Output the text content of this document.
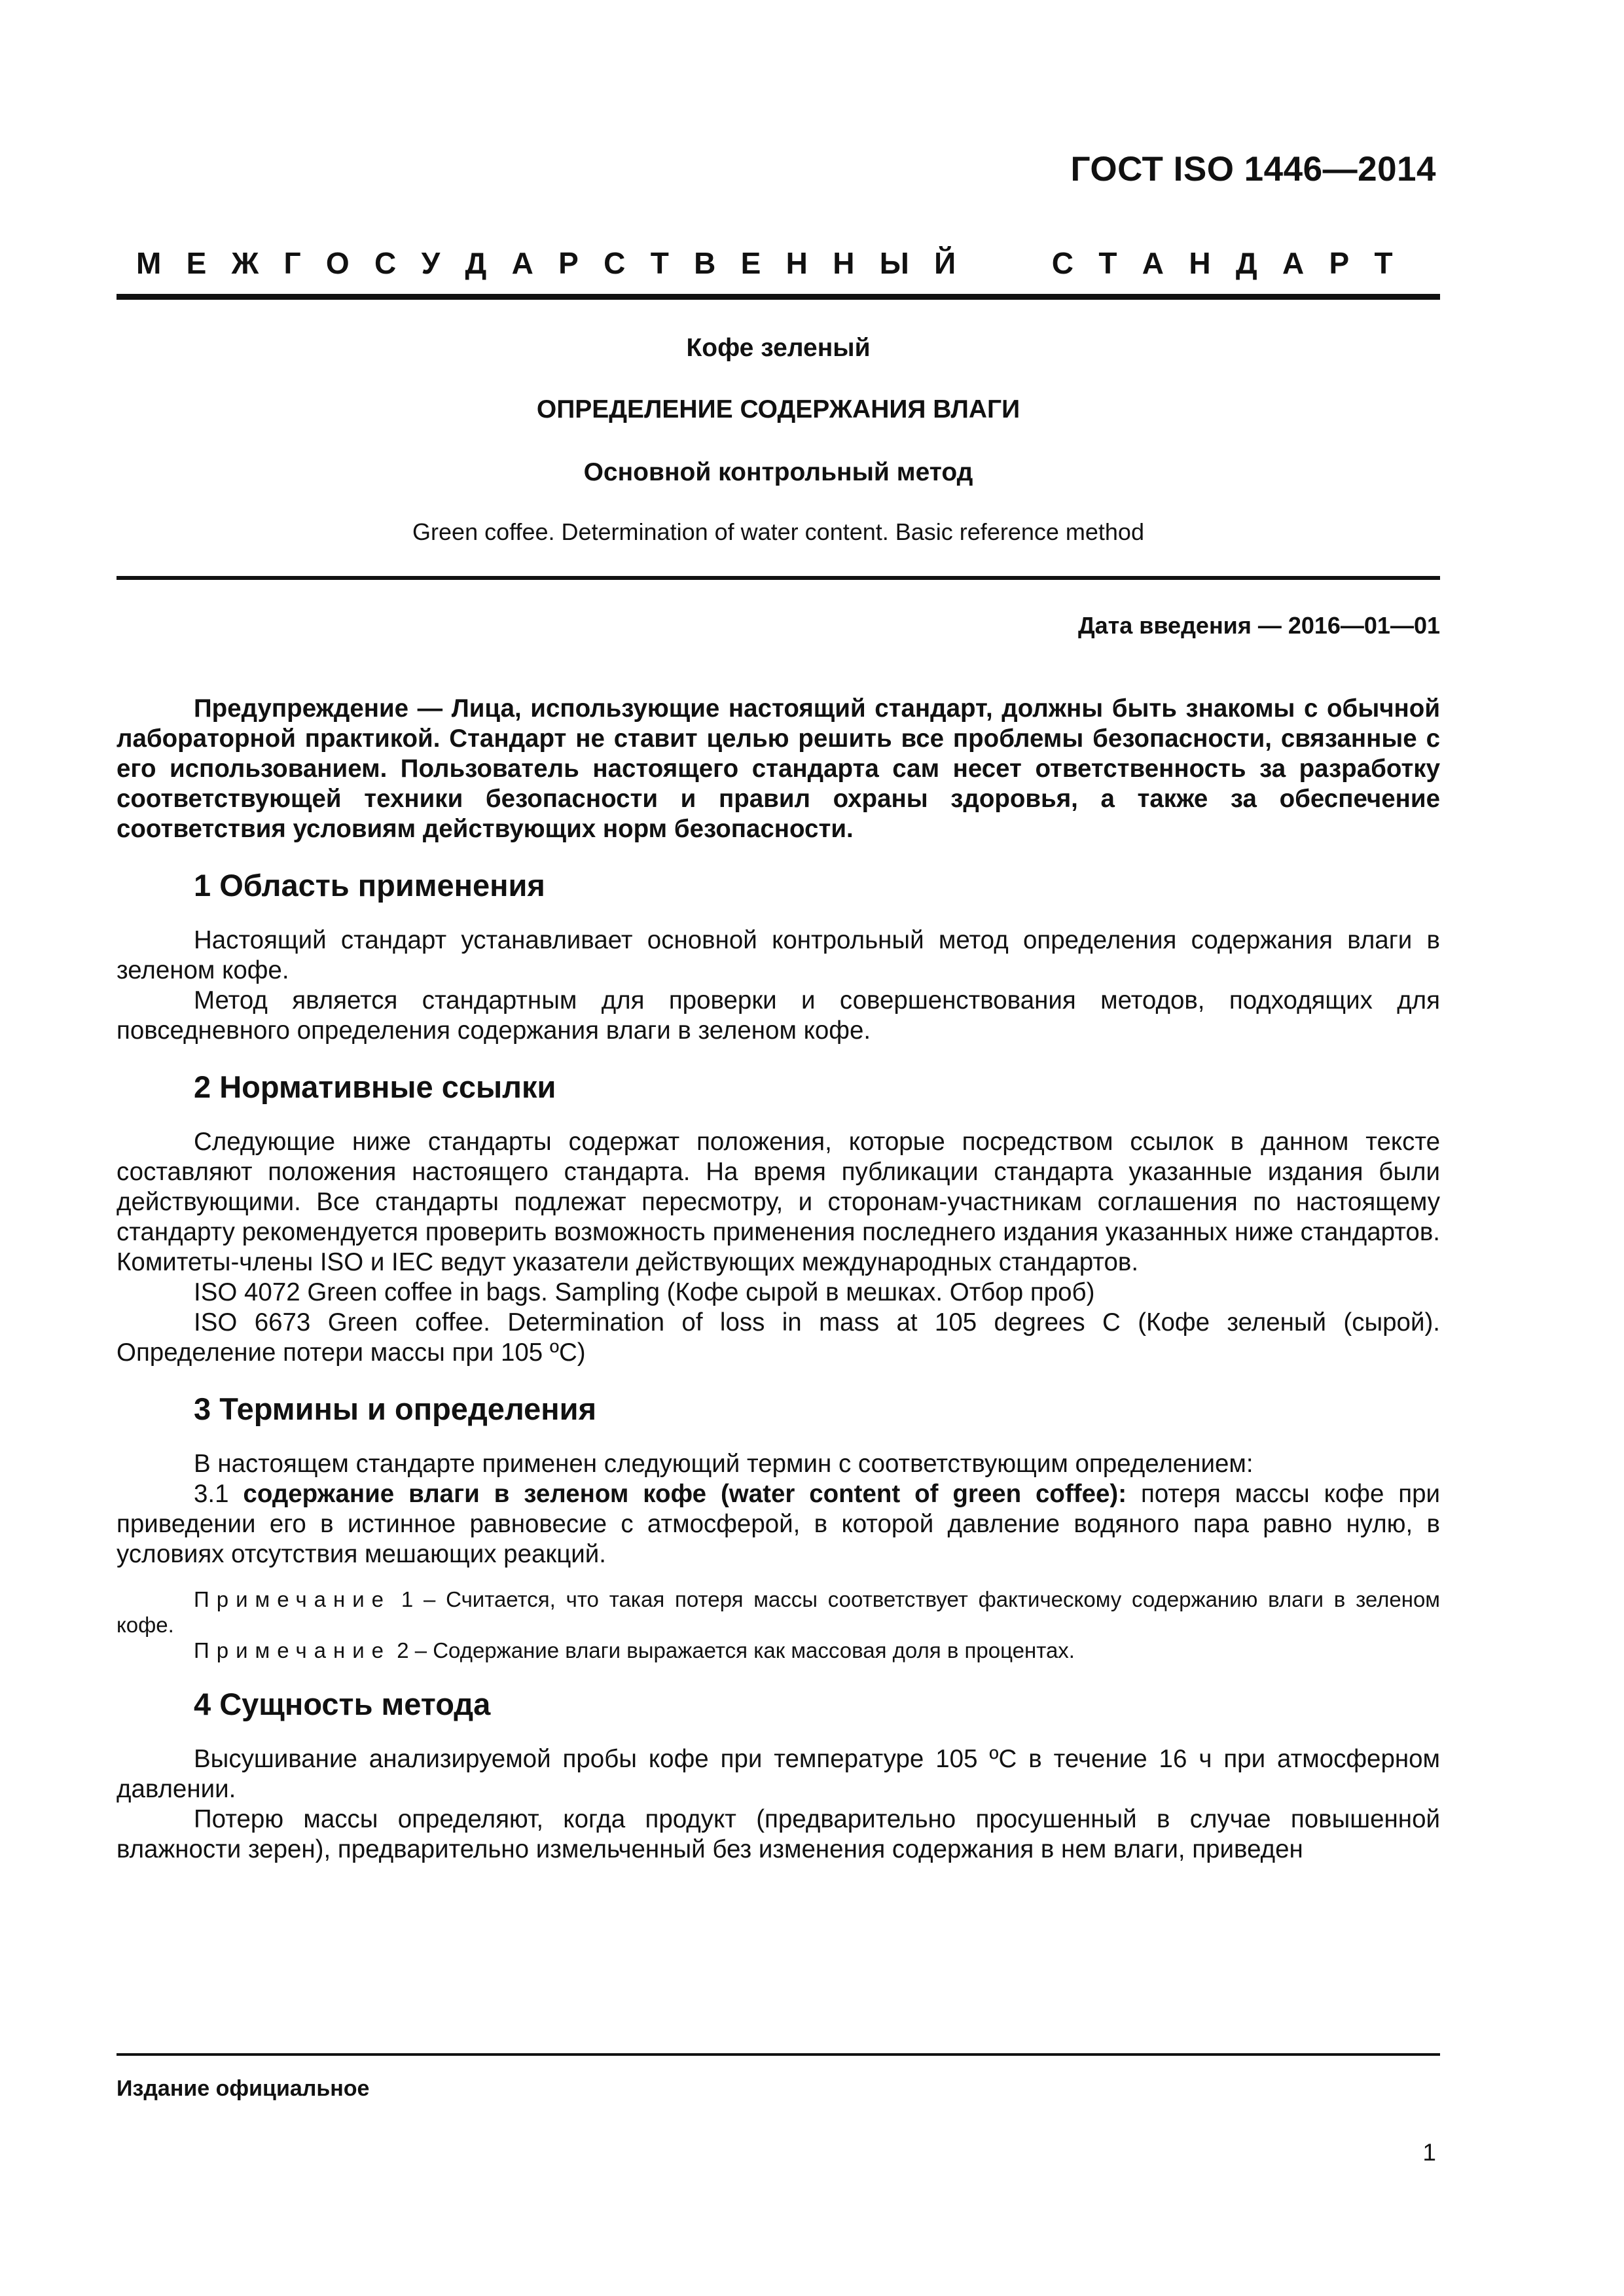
ГОСТ ISO 1446—2014
М Е Ж Г О С У Д А Р С Т В Е Н Н Ы Й	С Т А Н Д А Р Т
Кофе зеленый
ОПРЕДЕЛЕНИЕ СОДЕРЖАНИЯ ВЛАГИ
Основной контрольный метод
Green coffee. Determination of water content. Basic reference method
Дата введения — 2016—01—01

Предупреждение — Лица, использующие настоящий стандарт, должны быть знакомы с обычной лабораторной практикой. Стандарт не ставит целью решить все проблемы безопасности, связанные с его использованием. Пользователь настоящего стандарта сам несет ответственность за разработку соответствующей техники безопасности и правил охраны здоровья, а также за обеспечение соответствия условиям действующих норм безопасности.

1 Область применения

Настоящий стандарт устанавливает основной контрольный метод определения содержания влаги в зеленом кофе.

Метод является стандартным для проверки и совершенствования методов, подходящих для повседневного определения содержания влаги в зеленом кофе.

2 Нормативные ссылки

Следующие ниже стандарты содержат положения, которые посредством ссылок в данном тексте составляют положения настоящего стандарта. На время публикации стандарта указанные издания были действующими. Все стандарты подлежат пересмотру, и сторонам-участникам соглашения по настоящему стандарту рекомендуется проверить возможность применения последнего издания указанных ниже стандартов. Комитеты-члены ISO и IEC ведут указатели действующих международных стандартов.

ISO 4072 Green coffee in bags. Sampling (Кофе сырой в мешках. Отбор проб)

ISO 6673 Green coffee. Determination of loss in mass at 105 degrees C (Кофе зеленый (сырой). Определение потери массы при 105 ºC)

3 Термины и определения

В настоящем стандарте применен следующий термин с соответствующим определением:

3.1 содержание влаги в зеленом кофе (water content of green coffee): потеря массы кофе при приведении его в истинное равновесие с атмосферой, в которой давление водяного пара равно нулю, в условиях отсутствия мешающих реакций.

Примечание 1 – Считается, что такая потеря массы соответствует фактическому содержанию влаги в зеленом кофе.

Примечание 2 – Содержание влаги выражается как массовая доля в процентах.

4 Сущность метода

Высушивание анализируемой пробы кофе при температуре 105 ºC в течение 16 ч при атмосферном давлении.

Потерю массы определяют, когда продукт (предварительно просушенный в случае повышенной влажности зерен), предварительно измельченный без изменения содержания в нем влаги, приведен

Издание официальное
1
